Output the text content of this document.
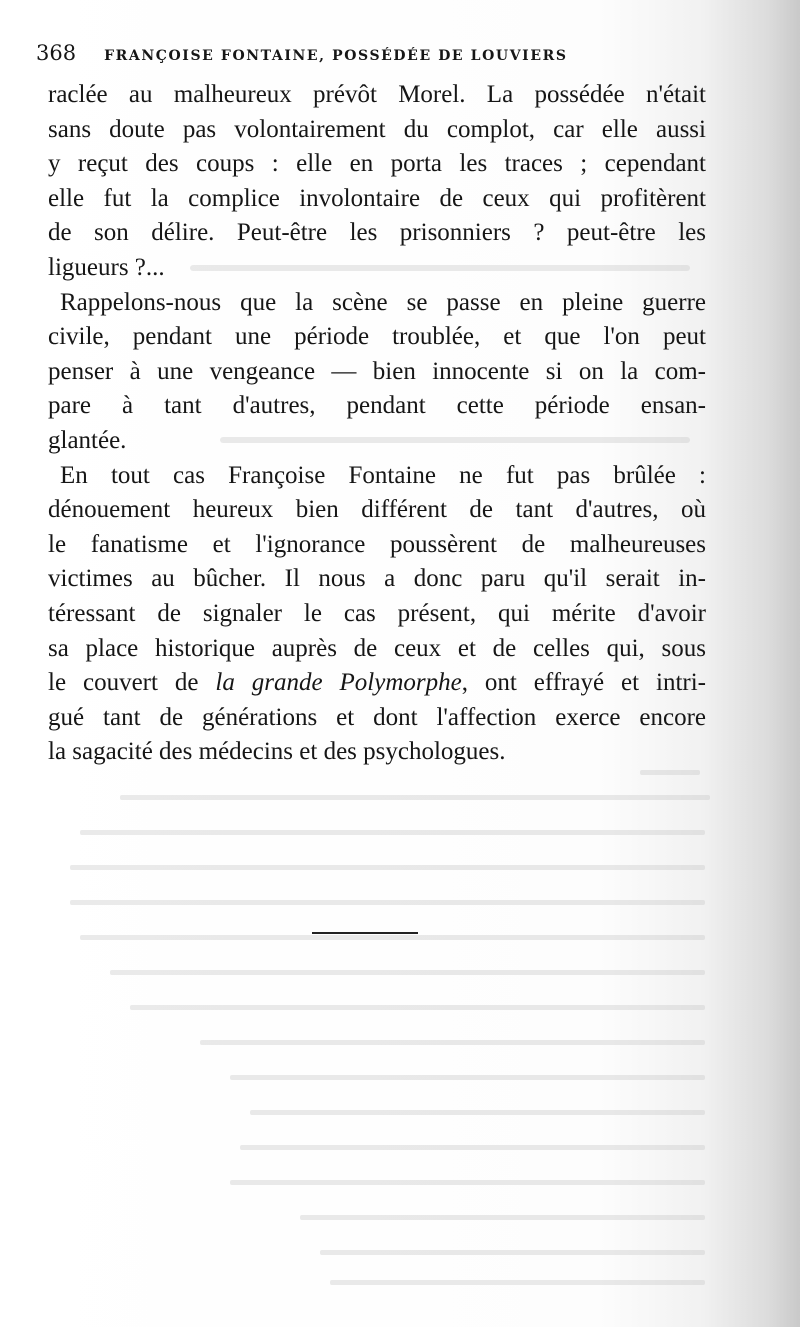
368 FRANÇOISE FONTAINE, POSSÉDÉE DE LOUVIERS
raclée au malheureux prévôt Morel. La possédée n'était
sans doute pas volontairement du complot, car elle aussi
y reçut des coups : elle en porta les traces ; cependant
elle fut la complice involontaire de ceux qui profitèrent
de son délire. Peut-être les prisonniers ? peut-être les
ligueurs ?...
Rappelons-nous que la scène se passe en pleine guerre
civile, pendant une période troublée, et que l'on peut
penser à une vengeance — bien innocente si on la com-
pare à tant d'autres, pendant cette période ensan-
glantée.
En tout cas Françoise Fontaine ne fut pas brûlée :
dénouement heureux bien différent de tant d'autres, où
le fanatisme et l'ignorance poussèrent de malheureuses
victimes au bûcher. Il nous a donc paru qu'il serait in-
téressant de signaler le cas présent, qui mérite d'avoir
sa place historique auprès de ceux et de celles qui, sous
le couvert de la grande Polymorphe, ont effrayé et intri-
gué tant de générations et dont l'affection exerce encore
la sagacité des médecins et des psychologues.
